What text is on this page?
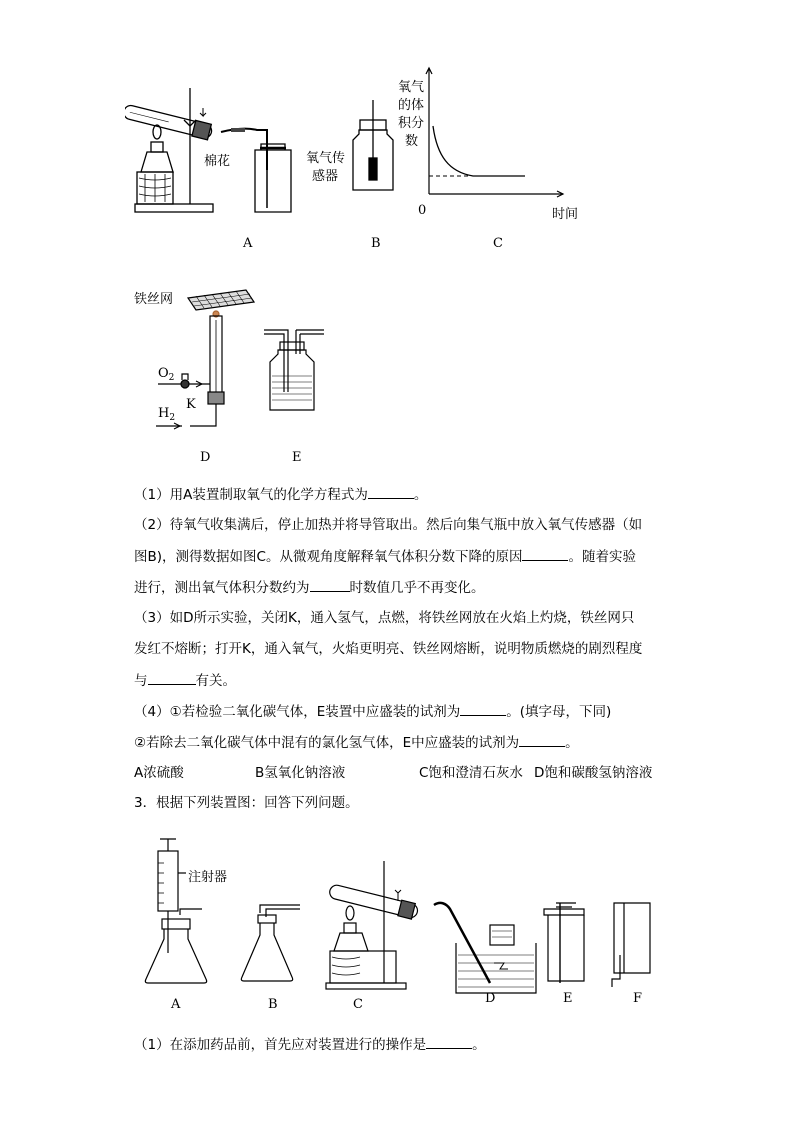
棉花
A
氧气传
感器
B
氧气
的体
积分
数
0	时间
C
铁丝网
$O_2$
K
$H_2$
D	E
（1）用A装置制取氧气的化学方程式为	。
（2）待氧气收集满后，停止加热并将导管取出。然后向集气瓶中放入氧气传感器（如
图B)，测得数据如图C。从微观角度解释氧气体积分数下降的原因	。随着实验
进行，测出氧气体积分数约为	时数值几乎不再变化。
（3）如D所示实验，关闭K，通入氢气，点燃，将铁丝网放在火焰上灼烧，铁丝网只
发红不熔断；打开K，通入氧气，火焰更明亮、铁丝网熔断，说明物质燃烧的剧烈程度
与	有关。
（4）①若检验二氧化碳气体，E装置中应盛装的试剂为	。(填字母，下同)
②若除去二氧化碳气体中混有的氯化氢气体，E中应盛装的试剂为	。
A浓硫酸	B氢氧化钠溶液	C饱和澄清石灰水 D饱和碳酸氢钠溶液
3．根据下列装置图：回答下列问题。
注射器
A	B	C	D	E	F
（1）在添加药品前，首先应对装置进行的操作是	。
